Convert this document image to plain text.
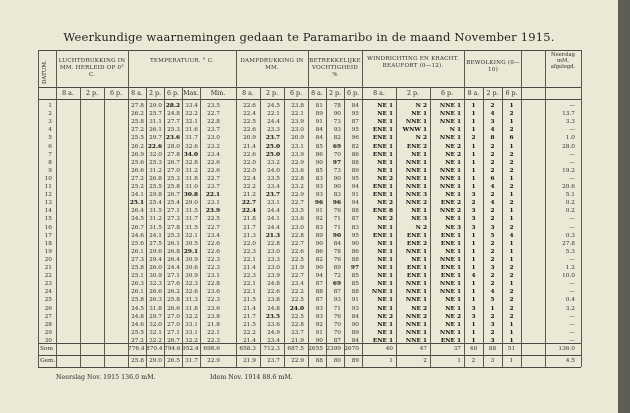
Weerkundige waarnemingen gedaan te Paramaribo in de maand November 1915.
DATUM. LUCHTDRUKKING IN MM. HERLEID OP 0° C.
TEMPERATUUR. ° C.	DAMPDRUKKING IN MM.
BETREKKELIJKE VOCHTIGHEID %
WINDRICHTING EN KRACHT. BEAUFORT (0—12).	BEWOLKING (0—10)
Neerslag mM. afgelegd.
8 a.	2 p.	6 p.	8 a. 2 p. 6 p. Max.	Min.	8 a.	2 p.	6 p.	8 a. 2 p. 6 p.	8 a.	2 p.	6 p.	8 a.	2 p.	6 p.
1	27.8 29.0 28.2 33.4	23.5	22.6	24.5	23.8	81	78	84	NE 1	N 2	NNE 1	1	2	1	—
2	26.2 25.7 24.8 32.2	22.7	22.4	22.1	22.1	89	90	95	NE 1	NE 1	NNE 1	1	4	2	13.7
3	25.8 31.1 27.7 32.1	22.8	22.5	24.4	23.9	91	73	87	NE 1	NNE 1	NNE 1	1	3	1	3.3
4	27.2 26.1 25.3 31.6	23.7	22.6	23.3	23.0	84	93	95	ENE 1	WNW 1	N 1	1	4	2	—
5	25.5 29.7 23.6 31.7	23.0	20.9	23.7	20.9	84	82	96	ENE 1	N 2	NNE 1	2	8	6	1.0
6	26.2 22.6 28.0 32.6	23.2	21.4	25.0	23.1	85	69	82	ENE 1	ENE 2	NE 2	1	2	1	28.0
7	26.9 32.0 27.8 34.0	23.4	22.6	25.0	23.9	86	70	86	ENE 1	NE 1	NE 2	1	2	2	—
8	25.6 25.3 26.7 32.8	22.6	22.0	23.2	22.9	90	97	88	NE 1	NNE 1	NE 1	1	2	2	—
9	26.6 31.2 27.0 31.2	22.6	22.0	24.0	23.6	85	73	89	NE 1	NNE 1	NNE 1	1	2	2	19.2
10	27.2 26.8 25.3 31.8	22.7	22.4	23.5	22.8	83	90	95	NE 2	NNE 1	NNE 1	1	6	1	—
11	25.2 25.5 25.8 31.0	23.7	22.2	23.4	23.2	93	90	94	ENE 1	NNE 1	NNE 1	1	4	2	20.6
12	24.1 29.8 26.7 30.8	22.1	21.2	23.7	22.9	93	83	91	ENE 1	NNE 3	NE 1	3	2	1	5.1
13	25.1 25.4 25.4 29.0	23.1	22.7	23.1	22.7	96	96	94	NE 2	NNE 2	ENE 2	2	4	2	0.2
14	26.4 31.5 27.1 31.5	23.9	22.4	24.4	23.5	91	76	88	ENE 8	NE 1	NNE 2	3	2	1	0.2
15	24.5 31.2 27.3 31.7	22.5	21.8	24.1	23.6	92	71	87	NE 2	NE 3	NE 1	3	2	1	—
16	26.7 31.5 27.8 31.5	22.7	21.7	24.4	23.0	83	71	83	NE 1	N 2	NE 3	3	3	2	—
17	24.6 24.1 25.3 32.1	23.4	21.3	21.3	22.8	89	90	95	ENE 1	ENE 1	ENE 1	1	5	4	0.3
18	25.6 27.5 26.1 30.5	22.6	22.0	22.8	22.7	90	84	90	NE 1	ENE 2	ENE 1	1	2	1	27.8
19	26.1 29.6 26.8 29.1	22.6	22.3	23.0	22.6	86	78	86	NE 1	NNE 1	NE 1	1	2	1	5.3
20	27.3 29.4 26.4 30.9	22.3	22.1	23.3	22.5	82	76	88	NE 1	NE 1	NNE 1	1	2	1	—
21	25.8 26.0 24.4 30.6	22.3	21.4	23.0	21.9	90	89	97	NE 1	ENE 1	ENE 1	1	3	2	1.2
22	25.1 30.9 27.1 30.9	23.1	22.3	23.9	22.7	94	72	85	NE 1	ENE 1	ENE 1	4	2	2	10.0
23	26.3 32.3 27.6 32.3	22.8	22.1	24.8	23.4	87	69	85	NE 1	NNE 1	NNE 1	1	2	1	—
24	26.1 26.6 26.2 32.6	23.6	22.1	22.6	22.2	88	87	88	NNE 1	NNE 1	NNE 1	1	4	2	—
25	25.8 26.3 25.8 31.3	22.3	21.5	23.8	22.5	87	93	91	NE 1	NNE 1	NE 1	1	5	2	0.4
26	24.5 31.8 26.6 31.8	23.6	21.4	24.8	24.0	93	71	93	NE 1	NE 2	NE 1	3	1	2	3.2
27	24.8 29.7 27.0 32.2	23.8	21.7	23.5	22.5	93	76	84	NE 2	NNE 2	NE 2	3	2	2	—
28	24.6 32.0 27.0 33.1	21.8	21.5	23.6	22.8	92	70	90	NE 1	NNE 1	NE 1	1	3	1	—
29	25.5 32.1 27.1 33.1	22.1	22.2	24.9	23.7	91	70	89	NE 1	NNE 1	NNE 1	1	2	1	—
30	27.2 32.2 26.7 32.2	22.3	21.4	23.4	21.9	90	87	84	ENE 1	NNE 1	ENE 1	1	3	1	—
Som	776.4 870.4 794.6 952.4 698.6	658.3	712.3	687.5 2655 2399 2670	40	47	37	40	88	51	136.0
Gem.	25.8 29.0 26.5 31.7	22.9	21.9	23.7	22.9	88	80	89	1	2	1	2	3	1	4.5
Neerslag Nov. 1915 136.0 mM.	Idem Nov. 1914 88.6 mM.
